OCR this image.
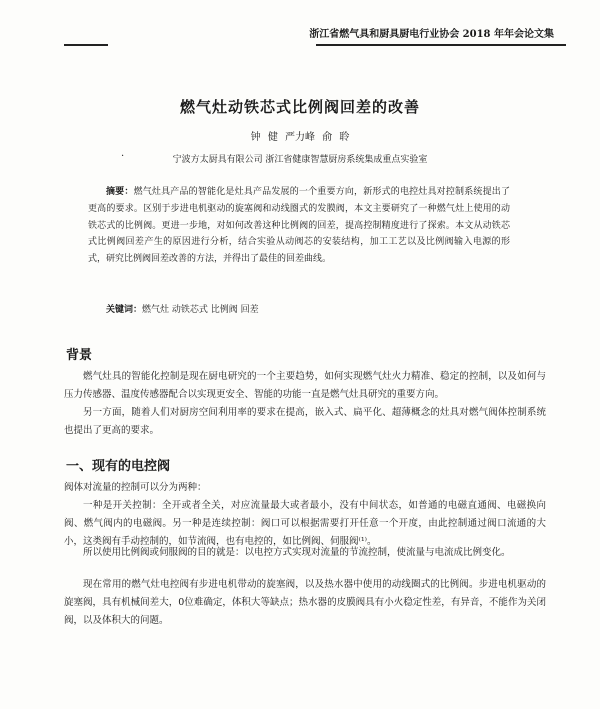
浙江省燃气具和厨具厨电行业协会 2018 年年会论文集
燃气灶动铁芯式比例阀回差的改善
钟 健 严力峰 俞 聆
.
宁波方太厨具有限公司 浙江省健康智慧厨房系统集成重点实验室
摘要：燃气灶具产品的智能化是灶具产品发展的一个重要方向，新形式的电控灶具对控制系统提出了更高的要求。区别于步进电机驱动的旋塞阀和动线圈式的发膜阀，本文主要研究了一种燃气灶上使用的动铁芯式的比例阀。更进一步地，对如何改善这种比例阀的回差，提高控制精度进行了探索。本文从动铁芯式比例阀回差产生的原因进行分析，结合实验从动阀芯的安装结构，加工工艺以及比例阀输入电源的形式，研究比例阀回差改善的方法，并得出了最佳的回差曲线。
关键词：燃气灶 动铁芯式 比例阀 回差
背景
燃气灶具的智能化控制是现在厨电研究的一个主要趋势，如何实现燃气灶火力精准、稳定的控制，以及如何与压力传感器、温度传感器配合以实现更安全、智能的功能一直是燃气灶具研究的重要方向。
另一方面，随着人们对厨房空间利用率的要求在提高，嵌入式、扁平化、超薄概念的灶具对燃气阀体控制系统也提出了更高的要求。
一、现有的电控阀
阀体对流量的控制可以分为两种：
一种是开关控制：全开或者全关，对应流量最大或者最小，没有中间状态，如普通的电磁直通阀、电磁换向阀、燃气阀内的电磁阀。另一种是连续控制：阀口可以根据需要打开任意一个开度，由此控制通过阀口流通的大小，这类阀有手动控制的，如节流阀，也有电控的，如比例阀、伺服阀⁽¹⁾。
所以使用比例阀或伺服阀的目的就是：以电控方式实现对流量的节流控制，使流量与电流成比例变化。
现在常用的燃气灶电控阀有步进电机带动的旋塞阀，以及热水器中使用的动线圈式的比例阀。步进电机驱动的旋塞阀，具有机械间差大，0位难确定，体积大等缺点；热水器的皮膜阀具有小火稳定性差，有异音，不能作为关闭阀，以及体积大的问题。
